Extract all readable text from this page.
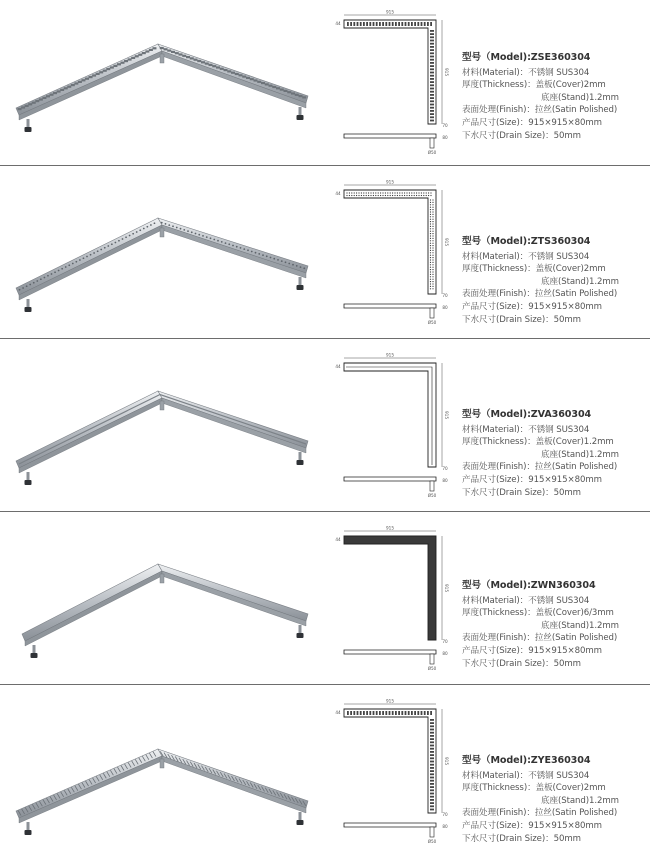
915
915
44
80
70
Ø50
型号（Model):ZSE360304
材料(Material)：不锈钢 SUS304
厚度(Thickness)：盖板(Cover)2mm
底座(Stand)1.2mm
表面处理(Finish)：拉丝(Satin Polished)
产品尺寸(Size)：915×915×80mm
下水尺寸(Drain Size)：50mm
915
915
44
80
70
Ø50
型号（Model):ZTS360304
材料(Material)：不锈钢 SUS304
厚度(Thickness)：盖板(Cover)2mm
底座(Stand)1.2mm
表面处理(Finish)：拉丝(Satin Polished)
产品尺寸(Size)：915×915×80mm
下水尺寸(Drain Size)：50mm
915
915
44
80
70
Ø50
型号（Model):ZVA360304
材料(Material)：不锈钢 SUS304
厚度(Thickness)：盖板(Cover)1.2mm
底座(Stand)1.2mm
表面处理(Finish)：拉丝(Satin Polished)
产品尺寸(Size)：915×915×80mm
下水尺寸(Drain Size)：50mm
915
915
44
80
70
Ø50
型号（Model):ZWN360304
材料(Material)：不锈钢 SUS304
厚度(Thickness)：盖板(Cover)6/3mm
底座(Stand)1.2mm
表面处理(Finish)：拉丝(Satin Polished)
产品尺寸(Size)：915×915×80mm
下水尺寸(Drain Size)：50mm
915
915
44
80
70
Ø50
型号（Model):ZYE360304
材料(Material)：不锈钢 SUS304
厚度(Thickness)：盖板(Cover)2mm
底座(Stand)1.2mm
表面处理(Finish)：拉丝(Satin Polished)
产品尺寸(Size)：915×915×80mm
下水尺寸(Drain Size)：50mm
